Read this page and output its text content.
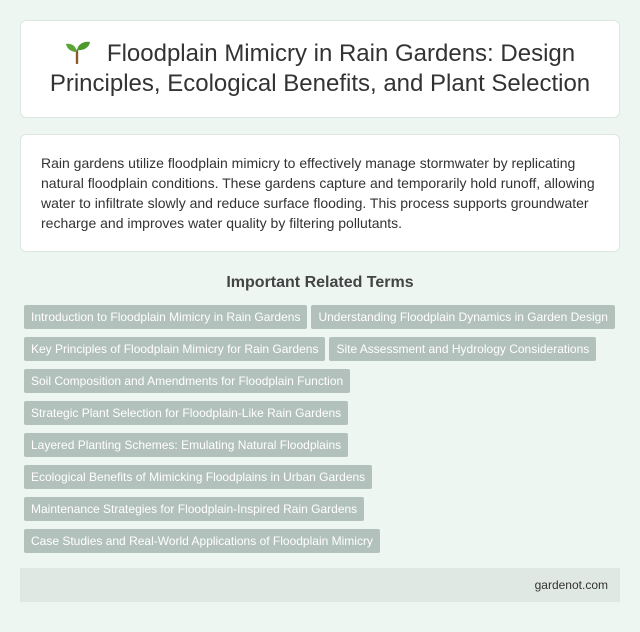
Floodplain Mimicry in Rain Gardens: Design Principles, Ecological Benefits, and Plant Selection

Rain gardens utilize floodplain mimicry to effectively manage stormwater by replicating natural floodplain conditions. These gardens capture and temporarily hold runoff, allowing water to infiltrate slowly and reduce surface flooding. This process supports groundwater recharge and improves water quality by filtering pollutants.

Important Related Terms
Introduction to Floodplain Mimicry in Rain Gardens	Understanding Floodplain Dynamics in Garden Design
Key Principles of Floodplain Mimicry for Rain Gardens	Site Assessment and Hydrology Considerations
Soil Composition and Amendments for Floodplain Function
Strategic Plant Selection for Floodplain-Like Rain Gardens
Layered Planting Schemes: Emulating Natural Floodplains
Ecological Benefits of Mimicking Floodplains in Urban Gardens
Maintenance Strategies for Floodplain-Inspired Rain Gardens
Case Studies and Real-World Applications of Floodplain Mimicry
gardenot.com
